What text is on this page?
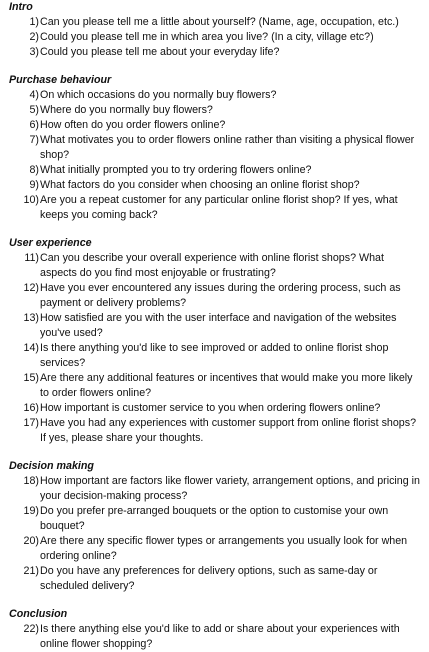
Intro
1) Can you please tell me a little about yourself? (Name, age, occupation, etc.)
2) Could you please tell me in which area you live? (In a city, village etc?)
3) Could you please tell me about your everyday life?
Purchase behaviour
4) On which occasions do you normally buy flowers?
5) Where do you normally buy flowers?
6) How often do you order flowers online?
7) What motivates you to order flowers online rather than visiting a physical flower shop?
8) What initially prompted you to try ordering flowers online?
9) What factors do you consider when choosing an online florist shop?
10) Are you a repeat customer for any particular online florist shop? If yes, what keeps you coming back?
User experience
11) Can you describe your overall experience with online florist shops? What aspects do you find most enjoyable or frustrating?
12) Have you ever encountered any issues during the ordering process, such as payment or delivery problems?
13) How satisfied are you with the user interface and navigation of the websites you've used?
14) Is there anything you'd like to see improved or added to online florist shop services?
15) Are there any additional features or incentives that would make you more likely to order flowers online?
16) How important is customer service to you when ordering flowers online?
17) Have you had any experiences with customer support from online florist shops? If yes, please share your thoughts.
Decision making
18) How important are factors like flower variety, arrangement options, and pricing in your decision-making process?
19) Do you prefer pre-arranged bouquets or the option to customise your own bouquet?
20) Are there any specific flower types or arrangements you usually look for when ordering online?
21) Do you have any preferences for delivery options, such as same-day or scheduled delivery?
Conclusion
22) Is there anything else you'd like to add or share about your experiences with online flower shopping?
